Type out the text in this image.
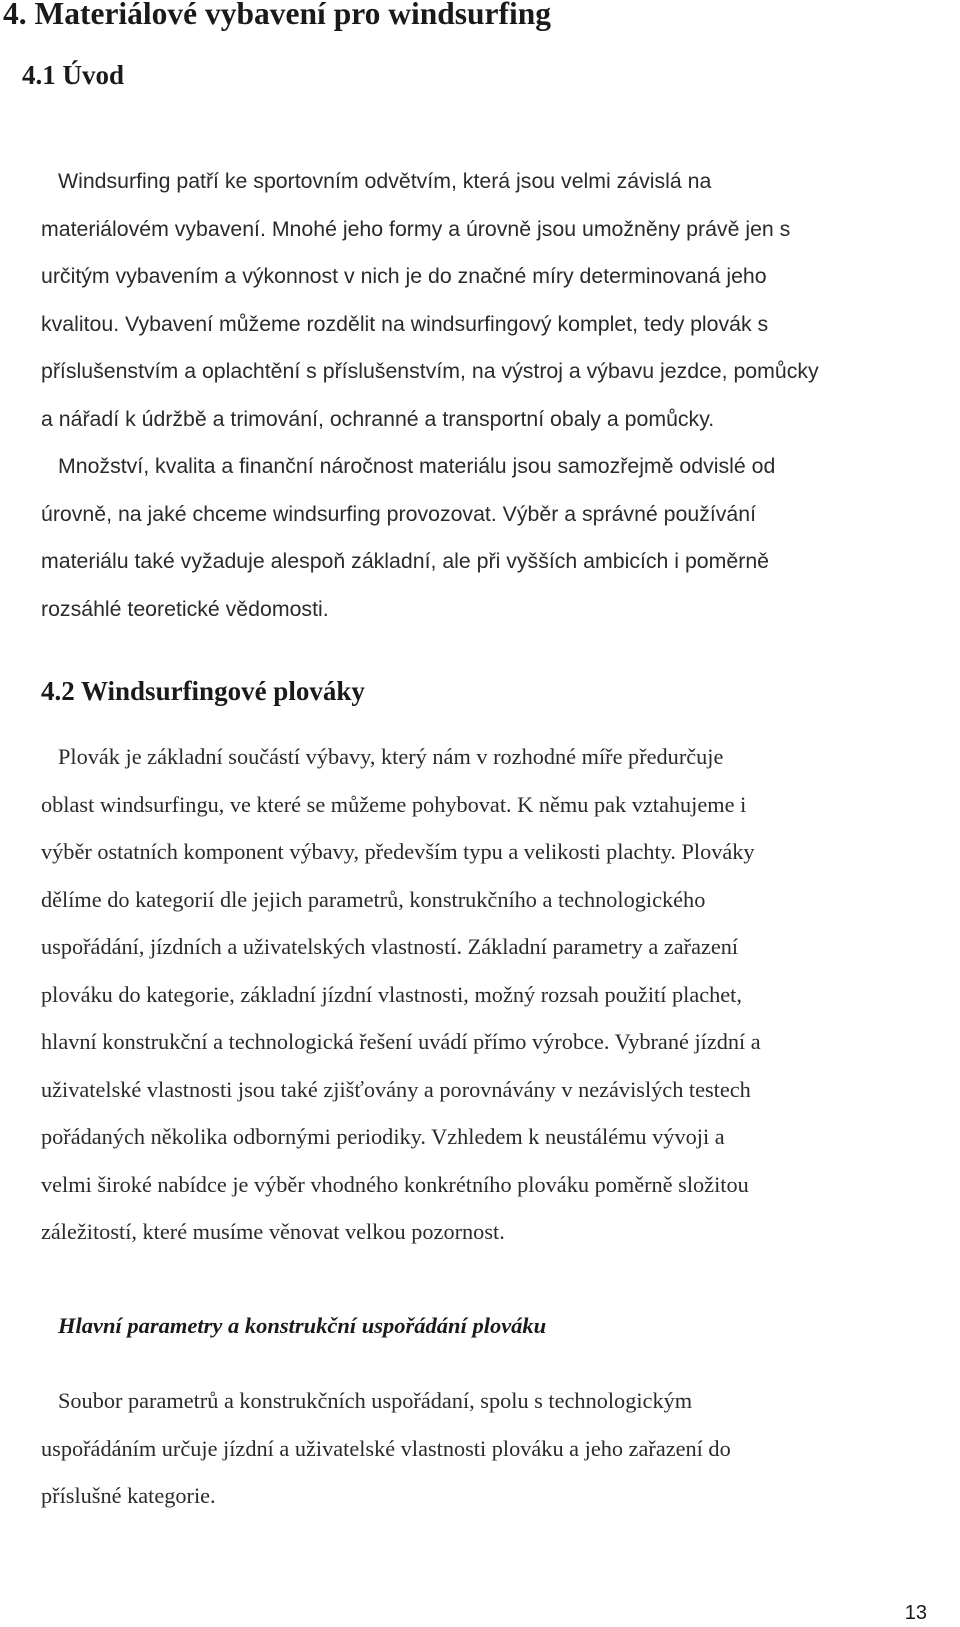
4. Materiálové vybavení pro windsurfing
4.1 Úvod

Windsurfing patří ke sportovním odvětvím, která jsou velmi závislá na
materiálovém vybavení. Mnohé jeho formy a úrovně jsou umožněny právě jen s
určitým vybavením a výkonnost v nich je do značné míry determinovaná jeho
kvalitou. Vybavení můžeme rozdělit na windsurfingový komplet, tedy plovák s
příslušenstvím a oplachtění s příslušenstvím, na výstroj a výbavu jezdce, pomůcky
a nářadí k údržbě a trimování, ochranné a transportní obaly a pomůcky.
Množství, kvalita a finanční náročnost materiálu jsou samozřejmě odvislé od
úrovně, na jaké chceme windsurfing provozovat. Výběr a správné používání
materiálu také vyžaduje alespoň základní, ale při vyšších ambicích i poměrně
rozsáhlé teoretické vědomosti.

4.2 Windsurfingové plováky

Plovák je základní součástí výbavy, který nám v rozhodné míře předurčuje
oblast windsurfingu, ve které se můžeme pohybovat. K němu pak vztahujeme i
výběr ostatních komponent výbavy, především typu a velikosti plachty. Plováky
dělíme do kategorií dle jejich parametrů, konstrukčního a technologického
uspořádání, jízdních a uživatelských vlastností. Základní parametry a zařazení
plováku do kategorie, základní jízdní vlastnosti, možný rozsah použití plachet,
hlavní konstrukční a technologická řešení uvádí přímo výrobce. Vybrané jízdní a
uživatelské vlastnosti jsou také zjišťovány a porovnávány v nezávislých testech
pořádaných několika odbornými periodiky. Vzhledem k neustálému vývoji a
velmi široké nabídce je výběr vhodného konkrétního plováku poměrně složitou
záležitostí, které musíme věnovat velkou pozornost.

Hlavní parametry a konstrukční uspořádání plováku

Soubor parametrů a konstrukčních uspořádaní, spolu s technologickým
uspořádáním určuje jízdní a uživatelské vlastnosti plováku a jeho zařazení do
příslušné kategorie.

13
